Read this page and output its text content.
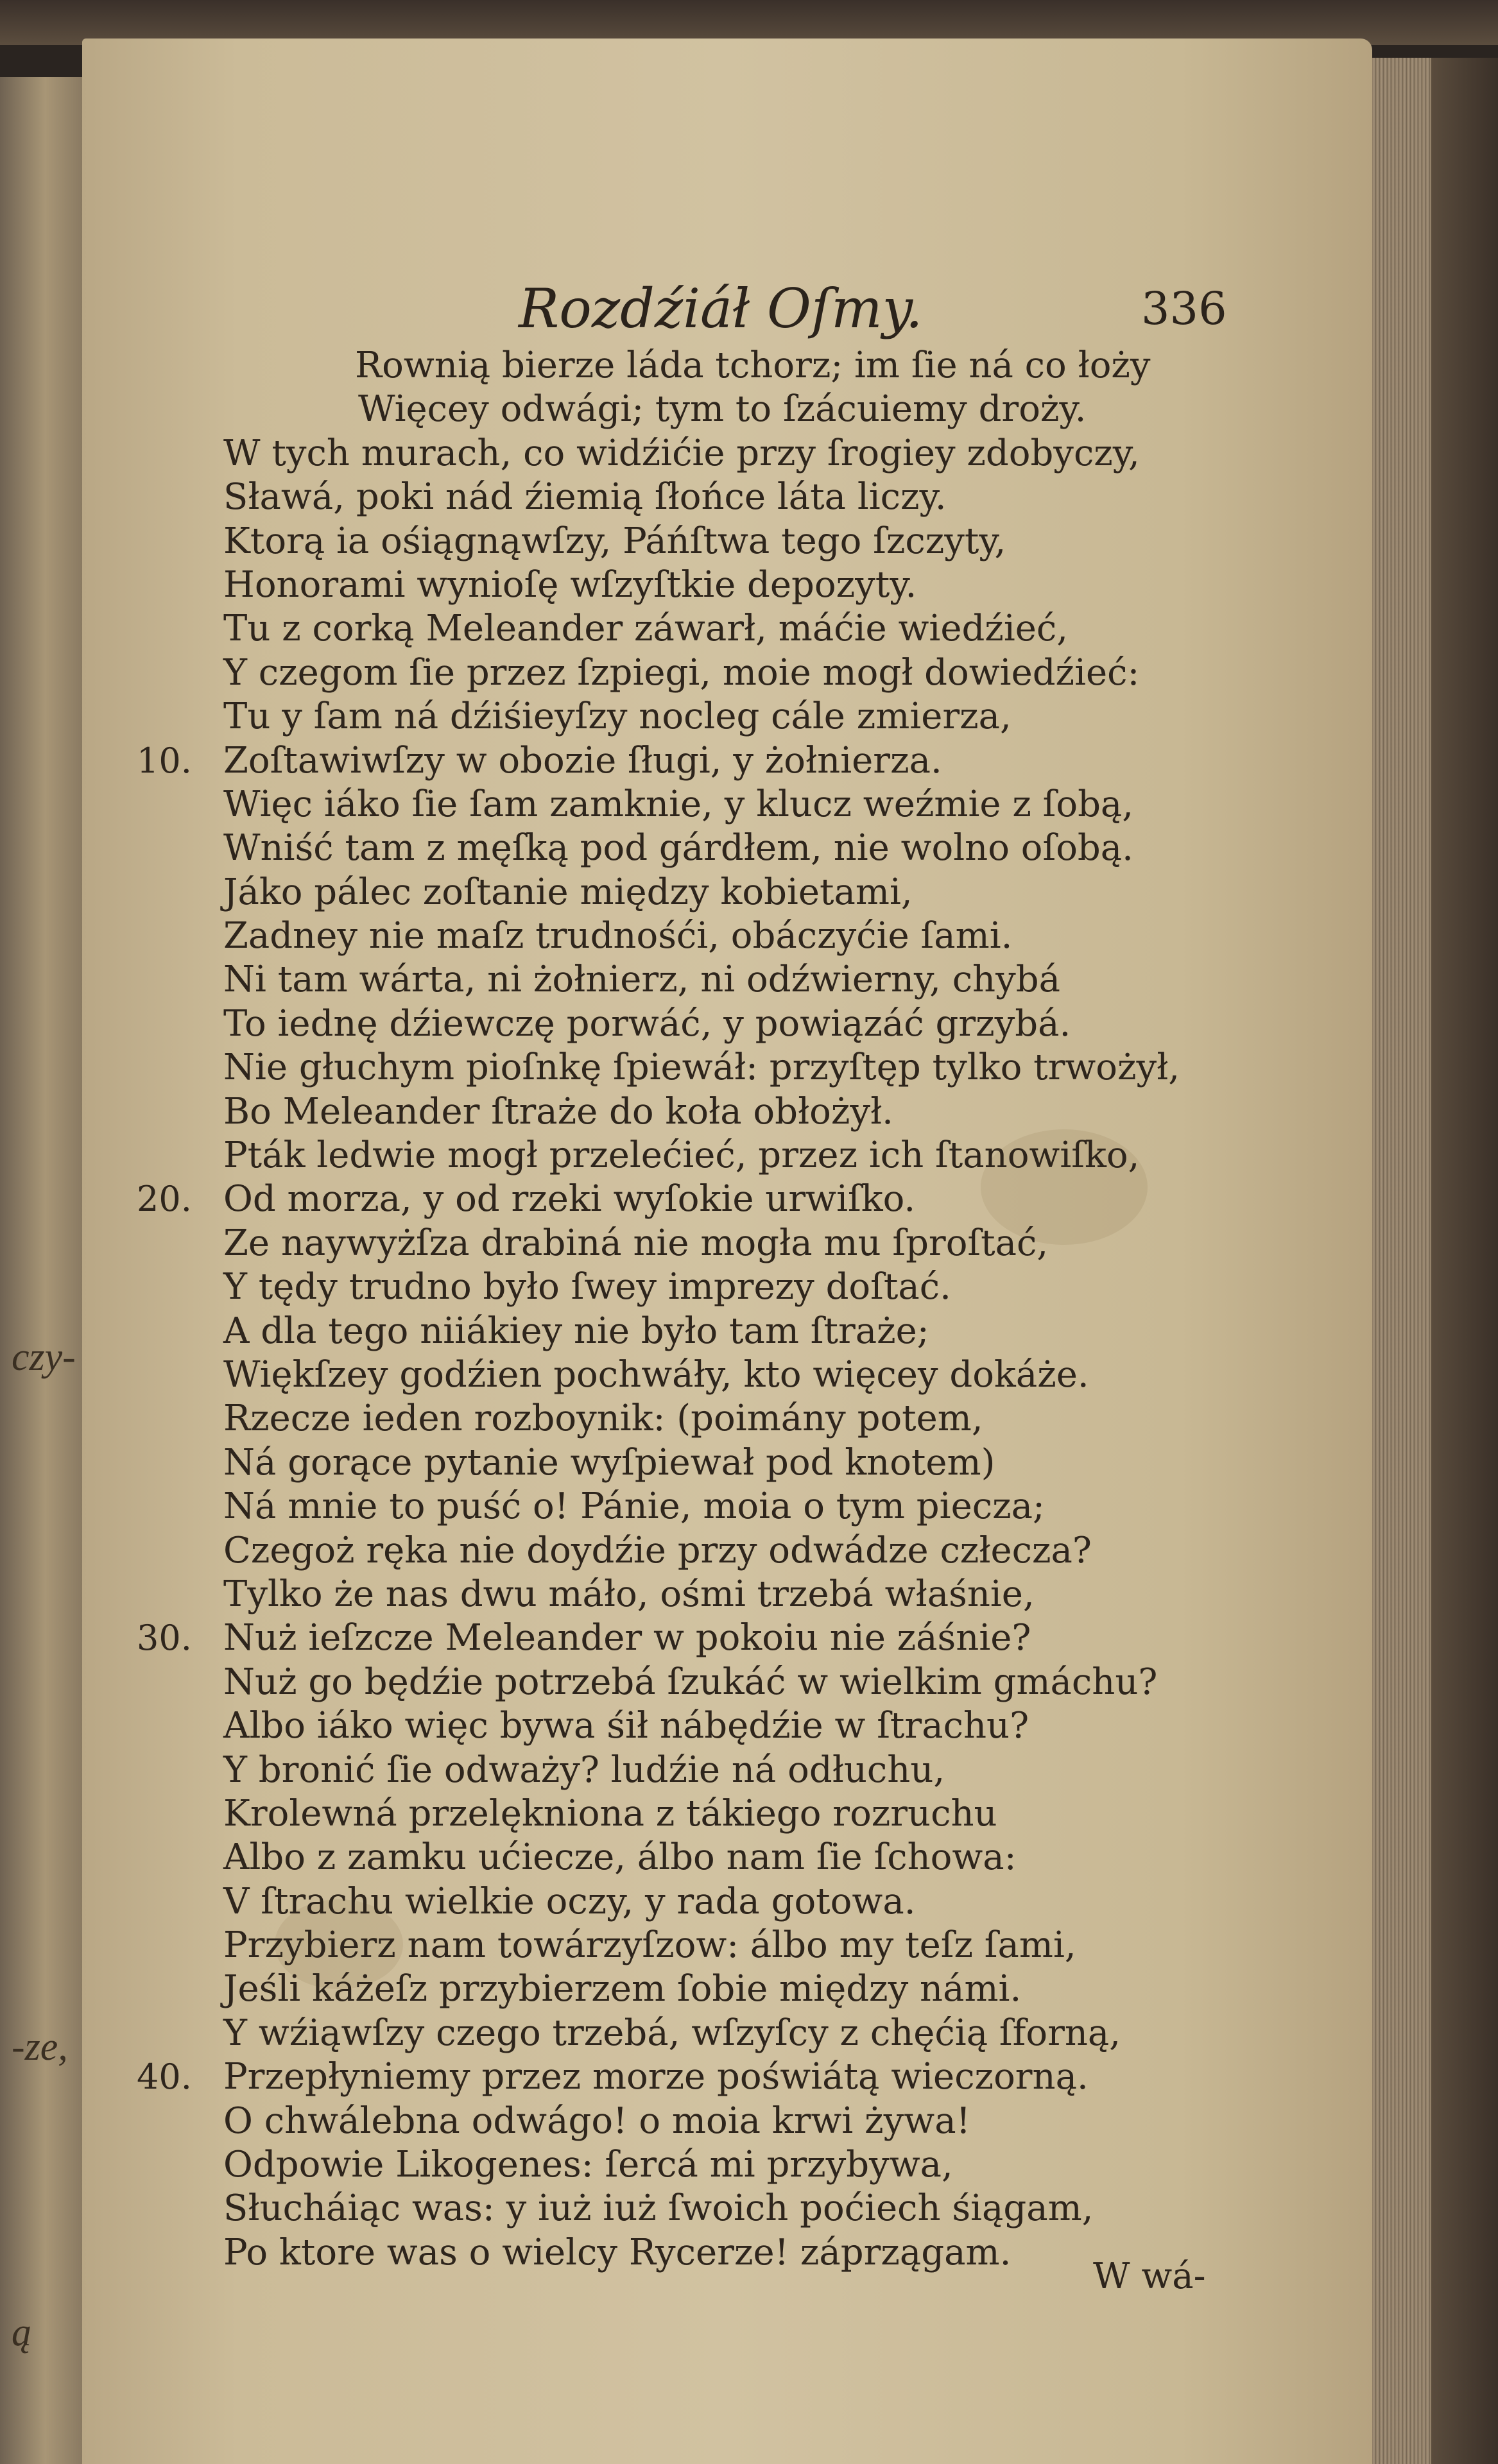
czy-
-ze,
ą
Rozdźiáł Oſmy.	336
Rownią bierze láda tchorz; im ſie ná co łoży
Więcey odwági; tym to ſzácuiemy droży.
W tych murach, co widźićie przy ſrogiey zdobyczy,
Sławá, poki nád źiemią ſłońce láta liczy.
Ktorą ia ośiągnąwſzy, Páńſtwa tego ſzczyty,
Honorami wynioſę wſzyſtkie depozyty.
Tu z corką Meleander záwarł, máćie wiedźieć,
Y czegom ſie przez ſzpiegi, moie mogł dowiedźieć:
Tu y ſam ná dźiśieyſzy nocleg cále zmierza,
10. Zoſtawiwſzy w obozie ſługi, y żołnierza.
Więc iáko ſie ſam zamknie, y klucz weźmie z ſobą,
Wniść tam z męſką pod gárdłem, nie wolno oſobą.
Jáko pálec zoſtanie między kobietami,
Zadney nie maſz trudnośći, obáczyćie ſami.
Ni tam wárta, ni żołnierz, ni odźwierny, chybá
To iednę dźiewczę porwáć, y powiązáć grzybá.
Nie głuchym pioſnkę ſpiewáł: przyſtęp tylko trwożył,
Bo Meleander ſtraże do koła obłożył.
Pták ledwie mogł przelećieć, przez ich ſtanowiſko,
20. Od morza, y od rzeki wyſokie urwiſko.
Ze naywyżſza drabiná nie mogła mu ſproſtać,
Y tędy trudno było ſwey imprezy doſtać.
A dla tego niiákiey nie było tam ſtraże;
Więkſzey godźien pochwáły, kto więcey dokáże.
Rzecze ieden rozboynik: (poimány potem,
Ná gorące pytanie wyſpiewał pod knotem)
Ná mnie to puść o! Pánie, moia o tym piecza;
Czegoż ręka nie doydźie przy odwádze człecza?
Tylko że nas dwu máło, ośmi trzebá właśnie,
30. Nuż ieſzcze Meleander w pokoiu nie záśnie?
Nuż go będźie potrzebá ſzukáć w wielkim gmáchu?
Albo iáko więc bywa śił nábędźie w ſtrachu?
Y bronić ſie odważy? ludźie ná odłuchu,
Krolewná przelękniona z tákiego rozruchu
Albo z zamku ućiecze, álbo nam ſie ſchowa:
V ſtrachu wielkie oczy, y rada gotowa.
Przybierz nam towárzyſzow: álbo my teſz ſami,
Jeśli káżeſz przybierzem ſobie między námi.
Y wźiąwſzy czego trzebá, wſzyſcy z chęćią ſforną,
40. Przepłyniemy przez morze poświátą wieczorną.
O chwálebna odwágo! o moia krwi żywa!
Odpowie Likogenes: ſercá mi przybywa,
Słucháiąc was: y iuż iuż ſwoich poćiech śiągam,
Po ktore was o wielcy Rycerze! záprzągam.
W wá-
